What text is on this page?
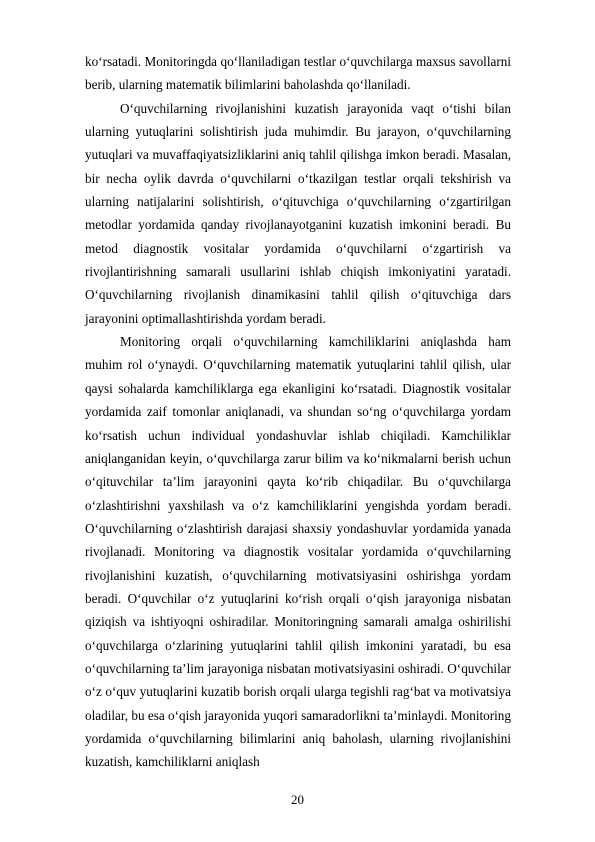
ko‘rsatadi. Monitoringda qo‘llaniladigan testlar o‘quvchilarga maxsus savollarni berib, ularning matematik bilimlarini baholashda qo‘llaniladi.

O‘quvchilarning rivojlanishini kuzatish jarayonida vaqt o‘tishi bilan ularning yutuqlarini solishtirish juda muhimdir. Bu jarayon, o‘quvchilarning yutuqlari va muvaffaqiyatsizliklarini aniq tahlil qilishga imkon beradi. Masalan, bir necha oylik davrda o‘quvchilarni o‘tkazilgan testlar orqali tekshirish va ularning natijalarini solishtirish, o‘qituvchiga o‘quvchilarning o‘zgartirilgan metodlar yordamida qanday rivojlanayotganini kuzatish imkonini beradi. Bu metod diagnostik vositalar yordamida o‘quvchilarni o‘zgartirish va rivojlantirishning samarali usullarini ishlab chiqish imkoniyatini yaratadi. O‘quvchilarning rivojlanish dinamikasini tahlil qilish o‘qituvchiga dars jarayonini optimallashtirishda yordam beradi.

Monitoring orqali o‘quvchilarning kamchiliklarini aniqlashda ham muhim rol o‘ynaydi. O‘quvchilarning matematik yutuqlarini tahlil qilish, ular qaysi sohalarda kamchiliklarga ega ekanligini ko‘rsatadi. Diagnostik vositalar yordamida zaif tomonlar aniqlanadi, va shundan so‘ng o‘quvchilarga yordam ko‘rsatish uchun individual yondashuvlar ishlab chiqiladi. Kamchiliklar aniqlanganidan keyin, o‘quvchilarga zarur bilim va ko‘nikmalarni berish uchun o‘qituvchilar ta’lim jarayonini qayta ko‘rib chiqadilar. Bu o‘quvchilarga o‘zlashtirishni yaxshilash va o‘z kamchiliklarini yengishda yordam beradi. O‘quvchilarning o‘zlashtirish darajasi shaxsiy yondashuvlar yordamida yanada rivojlanadi. Monitoring va diagnostik vositalar yordamida o‘quvchilarning rivojlanishini kuzatish, o‘quvchilarning motivatsiyasini oshirishga yordam beradi. O‘quvchilar o‘z yutuqlarini ko‘rish orqali o‘qish jarayoniga nisbatan qiziqish va ishtiyoqni oshiradilar. Monitoringning samarali amalga oshirilishi o‘quvchilarga o‘zlarining yutuqlarini tahlil qilish imkonini yaratadi, bu esa o‘quvchilarning ta’lim jarayoniga nisbatan motivatsiyasini oshiradi. O‘quvchilar o‘z o‘quv yutuqlarini kuzatib borish orqali ularga tegishli rag‘bat va motivatsiya oladilar, bu esa o‘qish jarayonida yuqori samaradorlikni ta’minlaydi. Monitoring yordamida o‘quvchilarning bilimlarini aniq baholash, ularning rivojlanishini kuzatish, kamchiliklarni aniqlash

20
